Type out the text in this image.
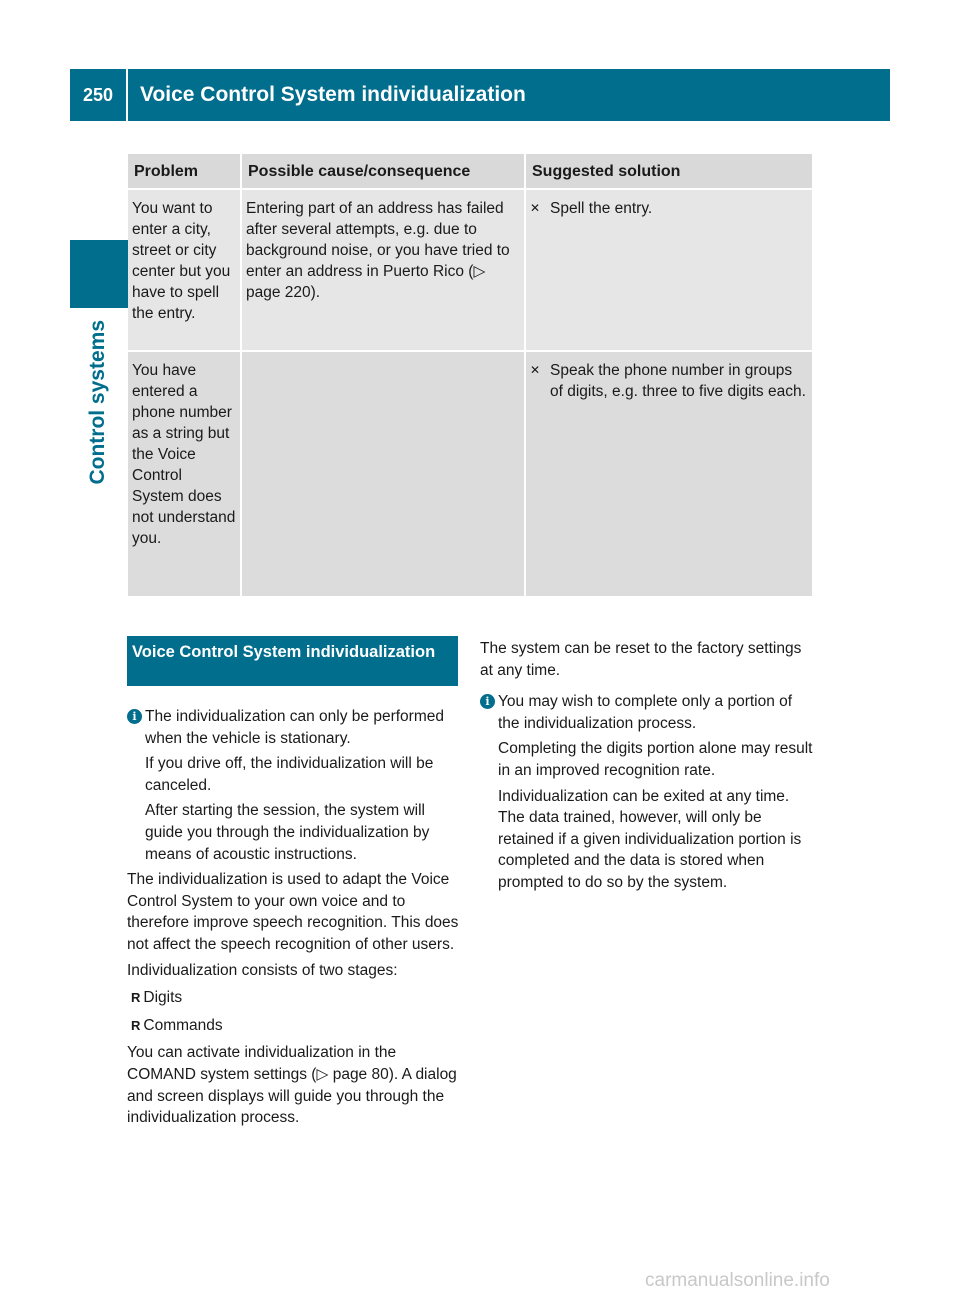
250	Voice Control System individualization
Control systems
Problem	Possible cause/consequence	Suggested solution
You want to enter a city, street or city center but you have to spell the entry.	Entering part of an address has failed after several attempts, e.g. due to background noise, or you have tried to enter an address in Puerto Rico (▷ page 220).	✕ Spell the entry.

You have entered a phone number as a string but the Voice Control System does not understand you.		✕ Speak the phone number in groups of digits, e.g. three to five digits each.
Voice Control System individualization
i The individualization can only be performed when the vehicle is stationary.

If you drive off, the individualization will be canceled.

After starting the session, the system will guide you through the individualization by means of acoustic instructions.

The individualization is used to adapt the Voice Control System to your own voice and to therefore improve speech recognition. This does not affect the speech recognition of other users.

Individualization consists of two stages:

R Digits
R Commands

You can activate individualization in the COMAND system settings (▷ page 80). A dialog and screen displays will guide you through the individualization process.

The system can be reset to the factory settings at any time.

i You may wish to complete only a portion of the individualization process.

Completing the digits portion alone may result in an improved recognition rate.

Individualization can be exited at any time. The data trained, however, will only be retained if a given individualization portion is completed and the data is stored when prompted to do so by the system.

carmanualsonline.info
